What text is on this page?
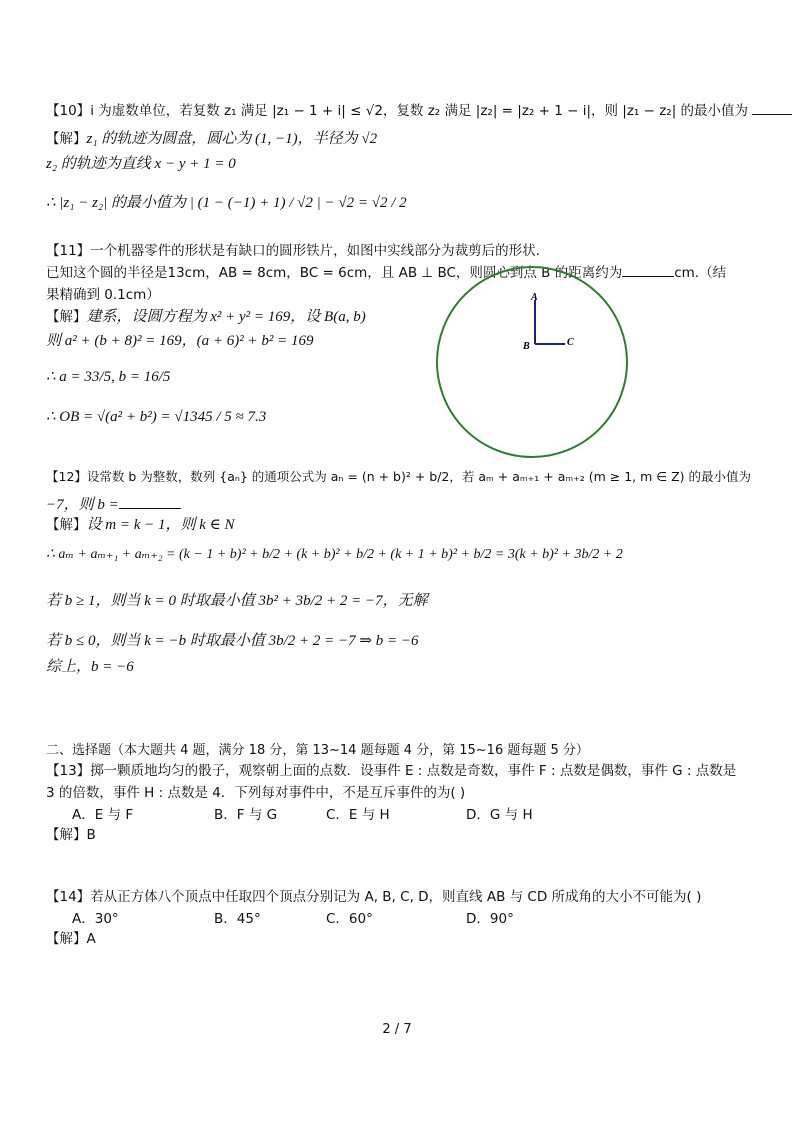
【10】i 为虚数单位，若复数 z₁ 满足 |z₁ − 1 + i| ≤ √2，复数 z₂ 满足 |z₂| = |z₂ + 1 − i|，则 |z₁ − z₂| 的最小值为
【解】z₁ 的轨迹为圆盘，圆心为 (1, −1)，半径为 √2
z₂ 的轨迹为直线 x − y + 1 = 0
∴ |z₁ − z₂| 的最小值为 | (1 − (−1) + 1) / √2 | − √2 = √2 / 2
【11】一个机器零件的形状是有缺口的圆形铁片，如图中实线部分为裁剪后的形状.
已知这个圆的半径是13cm，AB = 8cm，BC = 6cm，且 AB ⊥ BC，则圆心到点 B 的距离约为	cm.（结
果精确到 0.1cm）
【解】建系，设圆方程为 x² + y² = 169，设 B(a, b)
则 a² + (b + 8)² = 169，(a + 6)² + b² = 169
∴ a = 33/5, b = 16/5
∴ OB = √(a² + b²) = √1345 / 5 ≈ 7.3
A
B	C
【12】设常数 b 为整数，数列 {aₙ} 的通项公式为 aₙ = (n + b)² + b/2，若 aₘ + aₘ₊₁ + aₘ₊₂ (m ≥ 1, m ∈ Z) 的最小值为
−7，则 b =
【解】设 m = k − 1，则 k ∈ N
∴ aₘ + aₘ₊₁ + aₘ₊₂ = (k − 1 + b)² + b/2 + (k + b)² + b/2 + (k + 1 + b)² + b/2 = 3(k + b)² + 3b/2 + 2
若 b ≥ 1，则当 k = 0 时取最小值 3b² + 3b/2 + 2 = −7，无解
若 b ≤ 0，则当 k = −b 时取最小值 3b/2 + 2 = −7 ⇒ b = −6
综上，b = −6
二、选择题（本大题共 4 题，满分 18 分，第 13~14 题每题 4 分，第 15~16 题每题 5 分）
【13】掷一颗质地均匀的骰子，观察朝上面的点数．设事件 E : 点数是奇数，事件 F : 点数是偶数，事件 G : 点数是
3 的倍数，事件 H : 点数是 4．下列每对事件中，不是互斥事件的为( )
A．E 与 F	B．F 与 G	C．E 与 H	D．G 与 H
【解】B
【14】若从正方体八个顶点中任取四个顶点分别记为 A, B, C, D，则直线 AB 与 CD 所成角的大小不可能为( )
A．30°	B．45°	C．60°	D．90°
【解】A
2 / 7
